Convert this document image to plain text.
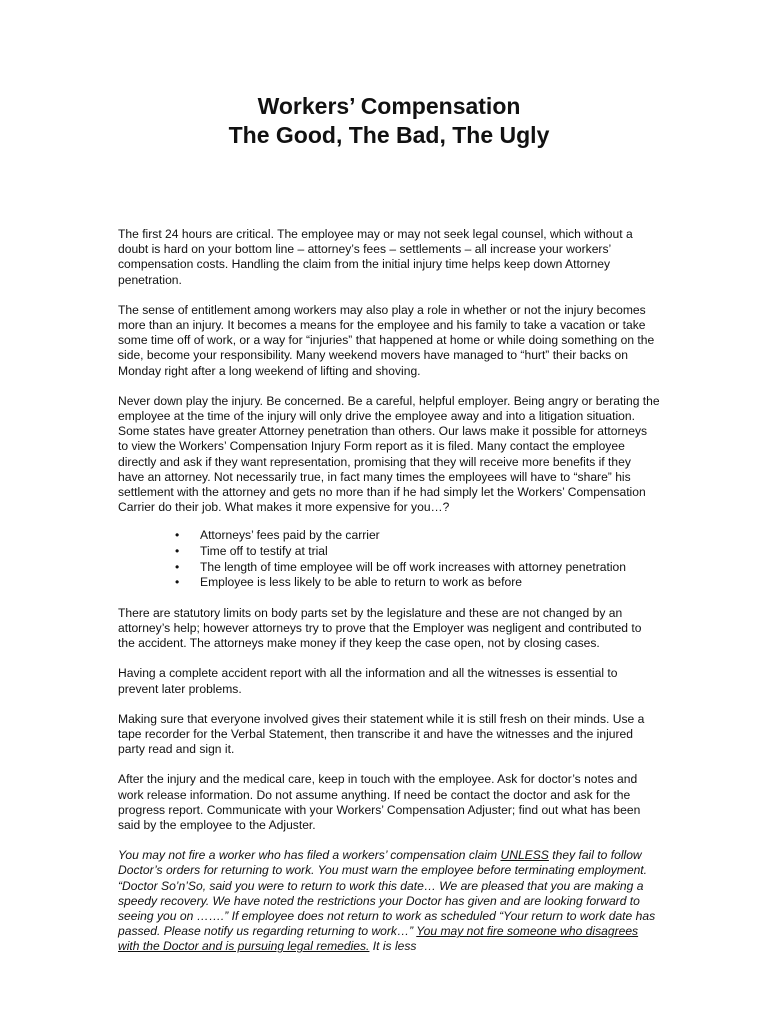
Workers’ Compensation
The Good, The Bad, The Ugly

The first 24 hours are critical. The employee may or may not seek legal counsel, which without a doubt is hard on your bottom line – attorney’s fees – settlements – all increase your workers’ compensation costs. Handling the claim from the initial injury time helps keep down Attorney penetration.

The sense of entitlement among workers may also play a role in whether or not the injury becomes more than an injury. It becomes a means for the employee and his family to take a vacation or take some time off of work, or a way for “injuries” that happened at home or while doing something on the side, become your responsibility. Many weekend movers have managed to “hurt” their backs on Monday right after a long weekend of lifting and shoving.

Never down play the injury. Be concerned. Be a careful, helpful employer. Being angry or berating the employee at the time of the injury will only drive the employee away and into a litigation situation. Some states have greater Attorney penetration than others. Our laws make it possible for attorneys to view the Workers’ Compensation Injury Form report as it is filed. Many contact the employee directly and ask if they want representation, promising that they will receive more benefits if they have an attorney. Not necessarily true, in fact many times the employees will have to “share” his settlement with the attorney and gets no more than if he had simply let the Workers’ Compensation Carrier do their job. What makes it more expensive for you…?

• Attorneys’ fees paid by the carrier
• Time off to testify at trial
• The length of time employee will be off work increases with attorney penetration
• Employee is less likely to be able to return to work as before

There are statutory limits on body parts set by the legislature and these are not changed by an attorney’s help; however attorneys try to prove that the Employer was negligent and contributed to the accident. The attorneys make money if they keep the case open, not by closing cases.

Having a complete accident report with all the information and all the witnesses is essential to prevent later problems.

Making sure that everyone involved gives their statement while it is still fresh on their minds. Use a tape recorder for the Verbal Statement, then transcribe it and have the witnesses and the injured party read and sign it.

After the injury and the medical care, keep in touch with the employee. Ask for doctor’s notes and work release information. Do not assume anything. If need be contact the doctor and ask for the progress report. Communicate with your Workers’ Compensation Adjuster; find out what has been said by the employee to the Adjuster.

You may not fire a worker who has filed a workers’ compensation claim UNLESS they fail to follow Doctor’s orders for returning to work. You must warn the employee before terminating employment. “Doctor So’n’So, said you were to return to work this date… We are pleased that you are making a speedy recovery. We have noted the restrictions your Doctor has given and are looking forward to seeing you on …….” If employee does not return to work as scheduled “Your return to work date has passed. Please notify us regarding returning to work…” You may not fire someone who disagrees with the Doctor and is pursuing legal remedies. It is less
